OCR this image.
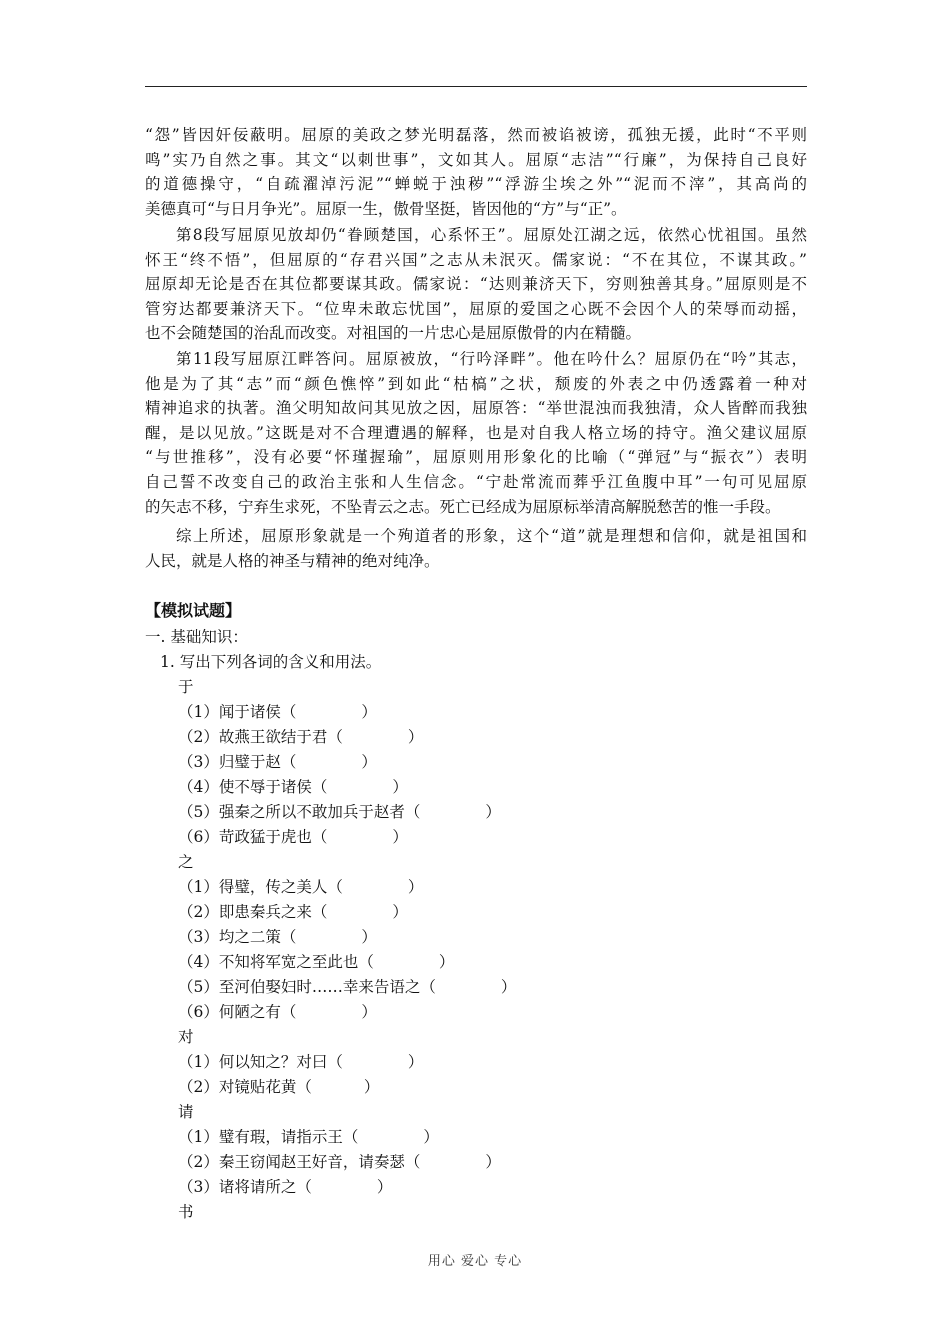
“怨”皆因奸佞蔽明。屈原的美政之梦光明磊落，然而被谄被谤，孤独无援，此时“不平则
鸣”实乃自然之事。其文“以刺世事”，文如其人。屈原“志洁”“行廉”，为保持自己良好
的道德操守，“自疏濯淖污泥”“蝉蜕于浊秽”“浮游尘埃之外”“泥而不滓”，其高尚的
美德真可“与日月争光”。屈原一生，傲骨坚挺，皆因他的“方”与“正”。
第8段写屈原见放却仍“眷顾楚国，心系怀王”。屈原处江湖之远，依然心忧祖国。虽然
怀王“终不悟”，但屈原的“存君兴国”之志从未泯灭。儒家说：“不在其位，不谋其政。”
屈原却无论是否在其位都要谋其政。儒家说：“达则兼济天下，穷则独善其身。”屈原则是不
管穷达都要兼济天下。“位卑未敢忘忧国”，屈原的爱国之心既不会因个人的荣辱而动摇，
也不会随楚国的治乱而改变。对祖国的一片忠心是屈原傲骨的内在精髓。
第11段写屈原江畔答问。屈原被放，“行吟泽畔”。他在吟什么？屈原仍在“吟”其志，
他是为了其“志”而“颜色憔悴”到如此“枯槁”之状，颓废的外表之中仍透露着一种对
精神追求的执著。渔父明知故问其见放之因，屈原答：“举世混浊而我独清，众人皆醉而我独
醒，是以见放。”这既是对不合理遭遇的解释，也是对自我人格立场的持守。渔父建议屈原
“与世推移”，没有必要“怀瑾握瑜”，屈原则用形象化的比喻（“弹冠”与“振衣”）表明
自己誓不改变自己的政治主张和人生信念。“宁赴常流而葬乎江鱼腹中耳”一句可见屈原
的矢志不移，宁弃生求死，不坠青云之志。死亡已经成为屈原标举清高解脱愁苦的惟一手段。
综上所述，屈原形象就是一个殉道者的形象，这个“道”就是理想和信仰，就是祖国和
人民，就是人格的神圣与精神的绝对纯净。
【模拟试题】
一. 基础知识：
1. 写出下列各词的含义和用法。
于
（1）闻于诸侯（	）
（2）故燕王欲结于君（	）
（3）归璧于赵（	）
（4）使不辱于诸侯（	）
（5）强秦之所以不敢加兵于赵者（	）
（6）苛政猛于虎也（	）
之
（1）得璧，传之美人（	）
（2）即患秦兵之来（	）
（3）均之二策（	）
（4）不知将军宽之至此也（	）
（5）至河伯娶妇时……幸来告语之（	）
（6）何陋之有（	）
对
（1）何以知之？对曰（	）
（2）对镜贴花黄（	）
请
（1）璧有瑕，请指示王（	）
（2）秦王窃闻赵王好音，请奏瑟（	）
（3）诸将请所之（	）
书
用心 爱心 专心
